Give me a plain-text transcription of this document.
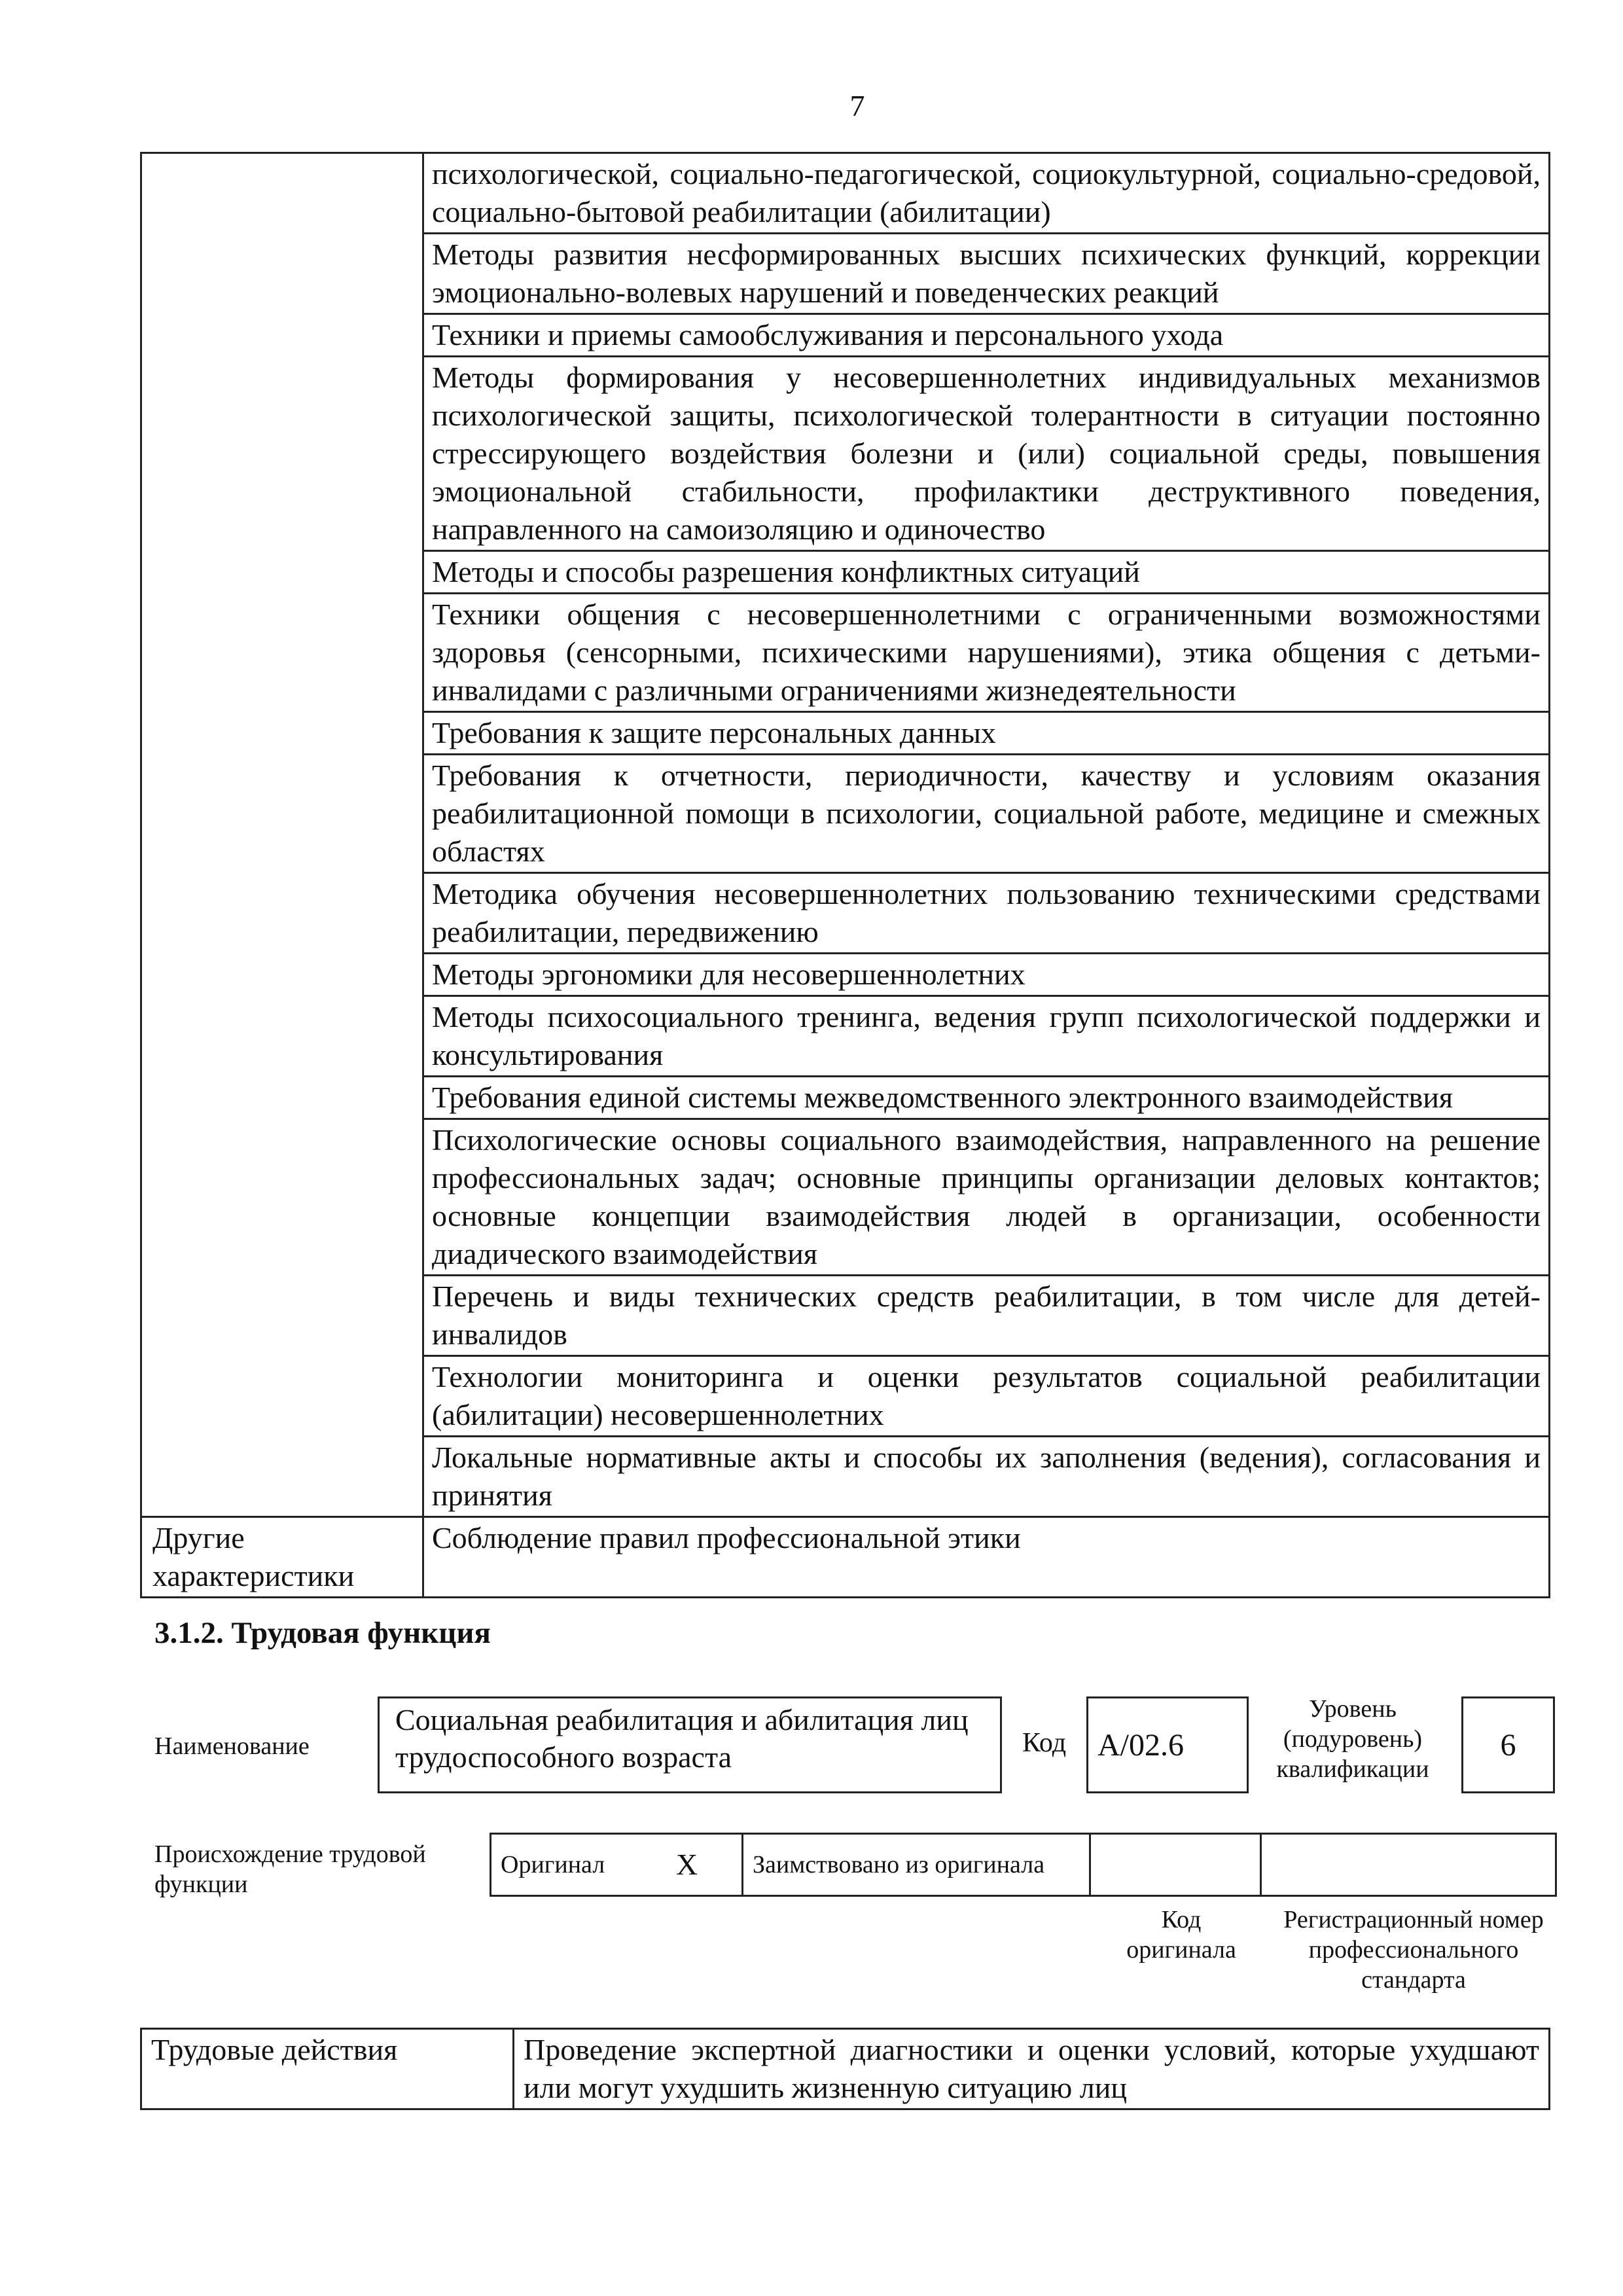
7
	психологической, социально-педагогической, социокультурной, социально-средовой, социально-бытовой реабилитации (абилитации)
	Методы развития несформированных высших психических функций, коррекции эмоционально-волевых нарушений и поведенческих реакций
	Техники и приемы самообслуживания и персонального ухода
	Методы формирования у несовершеннолетних индивидуальных механизмов психологической защиты, психологической толерантности в ситуации постоянно стрессирующего воздействия болезни и (или) социальной среды, повышения эмоциональной стабильности, профилактики деструктивного поведения, направленного на самоизоляцию и одиночество
	Методы и способы разрешения конфликтных ситуаций
	Техники общения с несовершеннолетними с ограниченными возможностями здоровья (сенсорными, психическими нарушениями), этика общения с детьми-инвалидами с различными ограничениями жизнедеятельности
	Требования к защите персональных данных
	Требования к отчетности, периодичности, качеству и условиям оказания реабилитационной помощи в психологии, социальной работе, медицине и смежных областях
	Методика обучения несовершеннолетних пользованию техническими средствами реабилитации, передвижению
	Методы эргономики для несовершеннолетних
	Методы психосоциального тренинга, ведения групп психологической поддержки и консультирования
	Требования единой системы межведомственного электронного взаимодействия
	Психологические основы социального взаимодействия, направленного на решение профессиональных задач; основные принципы организации деловых контактов; основные концепции взаимодействия людей в организации, особенности диадического взаимодействия
	Перечень и виды технических средств реабилитации, в том числе для детей-инвалидов
	Технологии мониторинга и оценки результатов социальной реабилитации (абилитации) несовершеннолетних
	Локальные нормативные акты и способы их заполнения (ведения), согласования и принятия
Другие характеристики	Соблюдение правил профессиональной этики
3.1.2. Трудовая функция
Наименование
Социальная реабилитация и абилитация лиц трудоспособного возраста	Код A/02.6
Уровень (подуровень) квалификации
6
Происхождение трудовой функции
Оригинал	X	Заимствовано из оригинала		
Код оригинала
Регистрационный номер профессионального стандарта
Трудовые действия	Проведение экспертной диагностики и оценки условий, которые ухудшают или могут ухудшить жизненную ситуацию лиц
